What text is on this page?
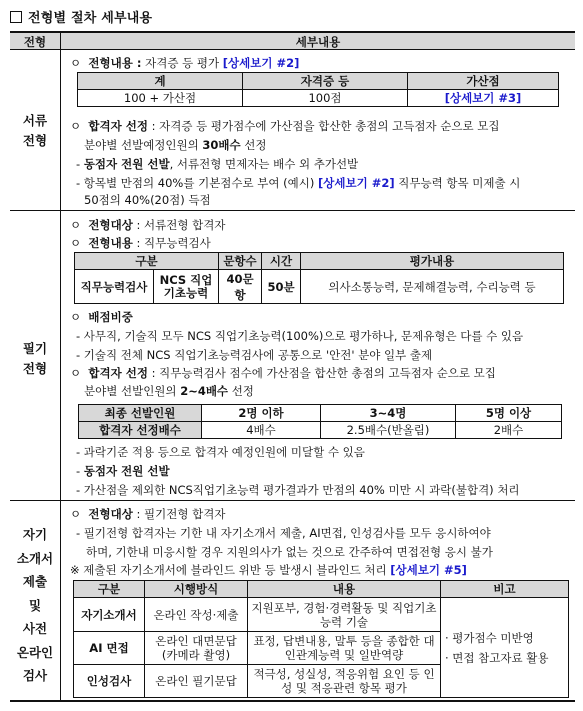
전형별 절차 세부내용
전형	세부내용
서류
전형
ㅇ 전형내용 : 자격증 등 평가 [상세보기 #2]
계	자격증 등	가산점
100 + 가산점	100점	[상세보기 #3]
ㅇ 합격자 선정 : 자격증 등 평가점수에 가산점을 합산한 총점의 고득점자 순으로 모집
분야별 선발예정인원의 30배수 선정
- 동점자 전원 선발, 서류전형 면제자는 배수 외 추가선발
- 항목별 만점의 40%를 기본점수로 부여 (예시) [상세보기 #2] 직무능력 항목 미제출 시
50점의 40%(20점) 득점
필기
전형
ㅇ 전형대상 : 서류전형 합격자
ㅇ 전형내용 : 직무능력검사
구분		문항수	시간	평가내용
직무능력검사	NCS 직업 기초능력	40문항	50분	의사소통능력, 문제해결능력, 수리능력 등
ㅇ 배점비중
- 사무직, 기술직 모두 NCS 직업기초능력(100%)으로 평가하나, 문제유형은 다를 수 있음
- 기술직 전체 NCS 직업기초능력검사에 공통으로 '안전' 분야 일부 출제
ㅇ 합격자 선정 : 직무능력검사 점수에 가산점을 합산한 총점의 고득점자 순으로 모집
분야별 선발인원의 2~4배수 선정
최종 선발인원	2명 이하	3~4명	5명 이상
합격자 선정배수	4배수	2.5배수(반올림)	2배수
- 과락기준 적용 등으로 합격자 예정인원에 미달할 수 있음
- 동점자 전원 선발
- 가산점을 제외한 NCS직업기초능력 평가결과가 만점의 40% 미만 시 과락(불합격) 처리
자기
소개서
제출
및
사전
온라인
검사
ㅇ 전형대상 : 필기전형 합격자
- 필기전형 합격자는 기한 내 자기소개서 제출, AI면접, 인성검사를 모두 응시하여야
하며, 기한내 미응시할 경우 지원의사가 없는 것으로 간주하여 면접전형 응시 불가
※ 제출된 자기소개서에 블라인드 위반 등 발생시 블라인드 처리 [상세보기 #5]
구분	시행방식	내용	비고
자기소개서	온라인 작성·제출	지원포부, 경험·경력활동 및 직업기초능력 기술	· 평가점수 미반영
· 면접 참고자료 활용

AI 면접	온라인 대면문답 (카메라 촬영)	표정, 답변내용, 말투 등을 종합한 대인관계능력 및 일반역량	
인성검사	온라인 필기문답	적극성, 성실성, 적응위험 요인 등 인성 및 적응관련 항목 평가	
